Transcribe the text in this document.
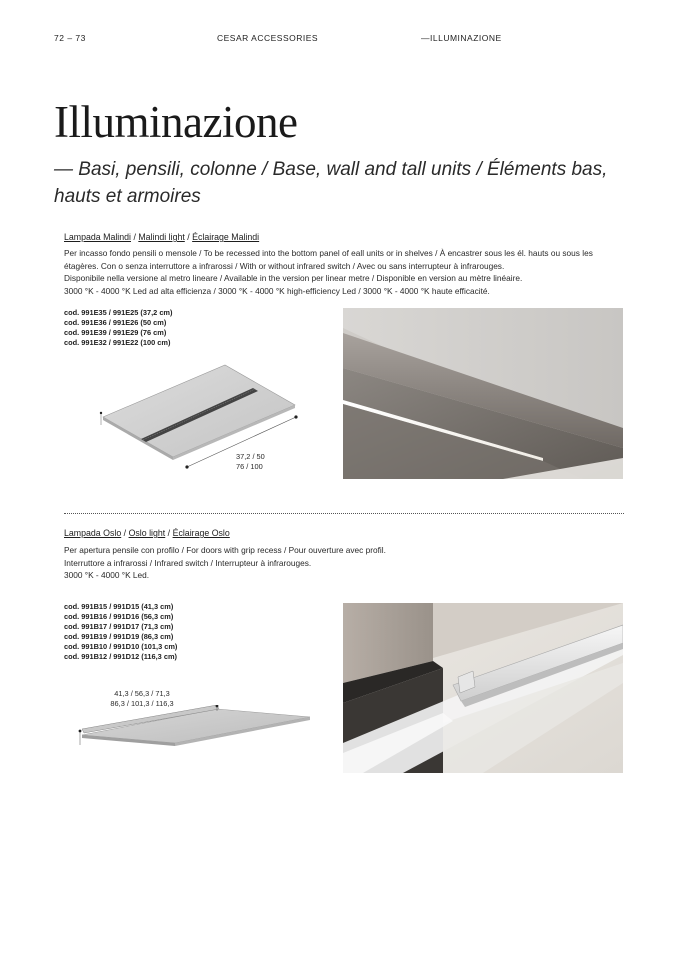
72 – 73	CESAR ACCESSORIES	—ILLUMINAZIONE
Illuminazione
— Basi, pensili, colonne / Base, wall and tall units / Éléments bas, hauts et armoires
Lampada Malindi / Malindi light / Éclairage Malindi
Per incasso fondo pensili o mensole / To be recessed into the bottom panel of eall units or in shelves / À encastrer sous les él. hauts ou sous les étagères. Con o senza interruttore a infrarossi / With or without infrared switch / Avec ou sans interrupteur à infrarouges.
Disponibile nella versione al metro lineare / Available in the version per linear metre / Disponible en version au mètre linéaire.
3000 °K - 4000 °K Led ad alta efficienza / 3000 °K - 4000 °K high-efficiency Led / 3000 °K - 4000 °K haute efficacité.
cod. 991E35 / 991E25 (37,2 cm)
cod. 991E36 / 991E26 (50 cm)
cod. 991E39 / 991E29 (76 cm)
cod. 991E32 / 991E22 (100 cm)
37,2 / 50
76 / 100
Lampada Oslo / Oslo light / Éclairage Oslo
Per apertura pensile con profilo / For doors with grip recess / Pour ouverture avec profil.
Interruttore a infrarossi / Infrared switch / Interrupteur à infrarouges.
3000 °K - 4000 °K Led.
cod. 991B15 / 991D15 (41,3 cm)
cod. 991B16 / 991D16 (56,3 cm)
cod. 991B17 / 991D17 (71,3 cm)
cod. 991B19 / 991D19 (86,3 cm)
cod. 991B10 / 991D10 (101,3 cm)
cod. 991B12 / 991D12 (116,3 cm)
41,3 / 56,3 / 71,3
86,3 / 101,3 / 116,3
